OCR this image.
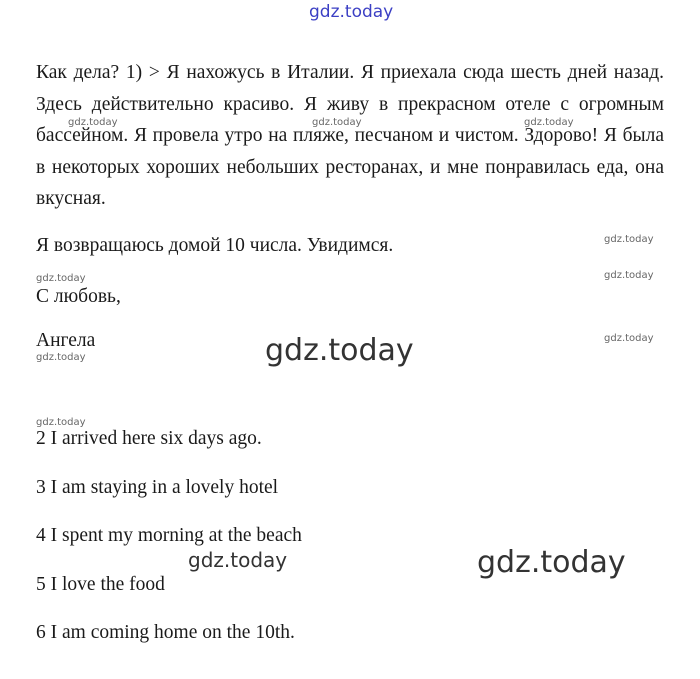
gdz.today
gdz.today	gdz.today	gdz.today
gdz.today
gdz.today
gdz.today
gdz.today
gdz.today
gdz.today
gdz.today
gdz.today	gdz.today

Как дела? 1) > Я нахожусь в Италии. Я приехала сюда шесть дней назад. Здесь действительно красиво. Я живу в прекрасном отеле с огромным бассейном. Я провела утро на пляже, песчаном и чистом. Здорово! Я была в некоторых хороших небольших ресторанах, и мне понравилась еда, она вкусная.

Я возвращаюсь домой 10 числа. Увидимся.

С любовь,

Ангела

2 I arrived here six days ago.

3 I am staying in a lovely hotel

4 I spent my morning at the beach

5 I love the food

6 I am coming home on the 10th.
